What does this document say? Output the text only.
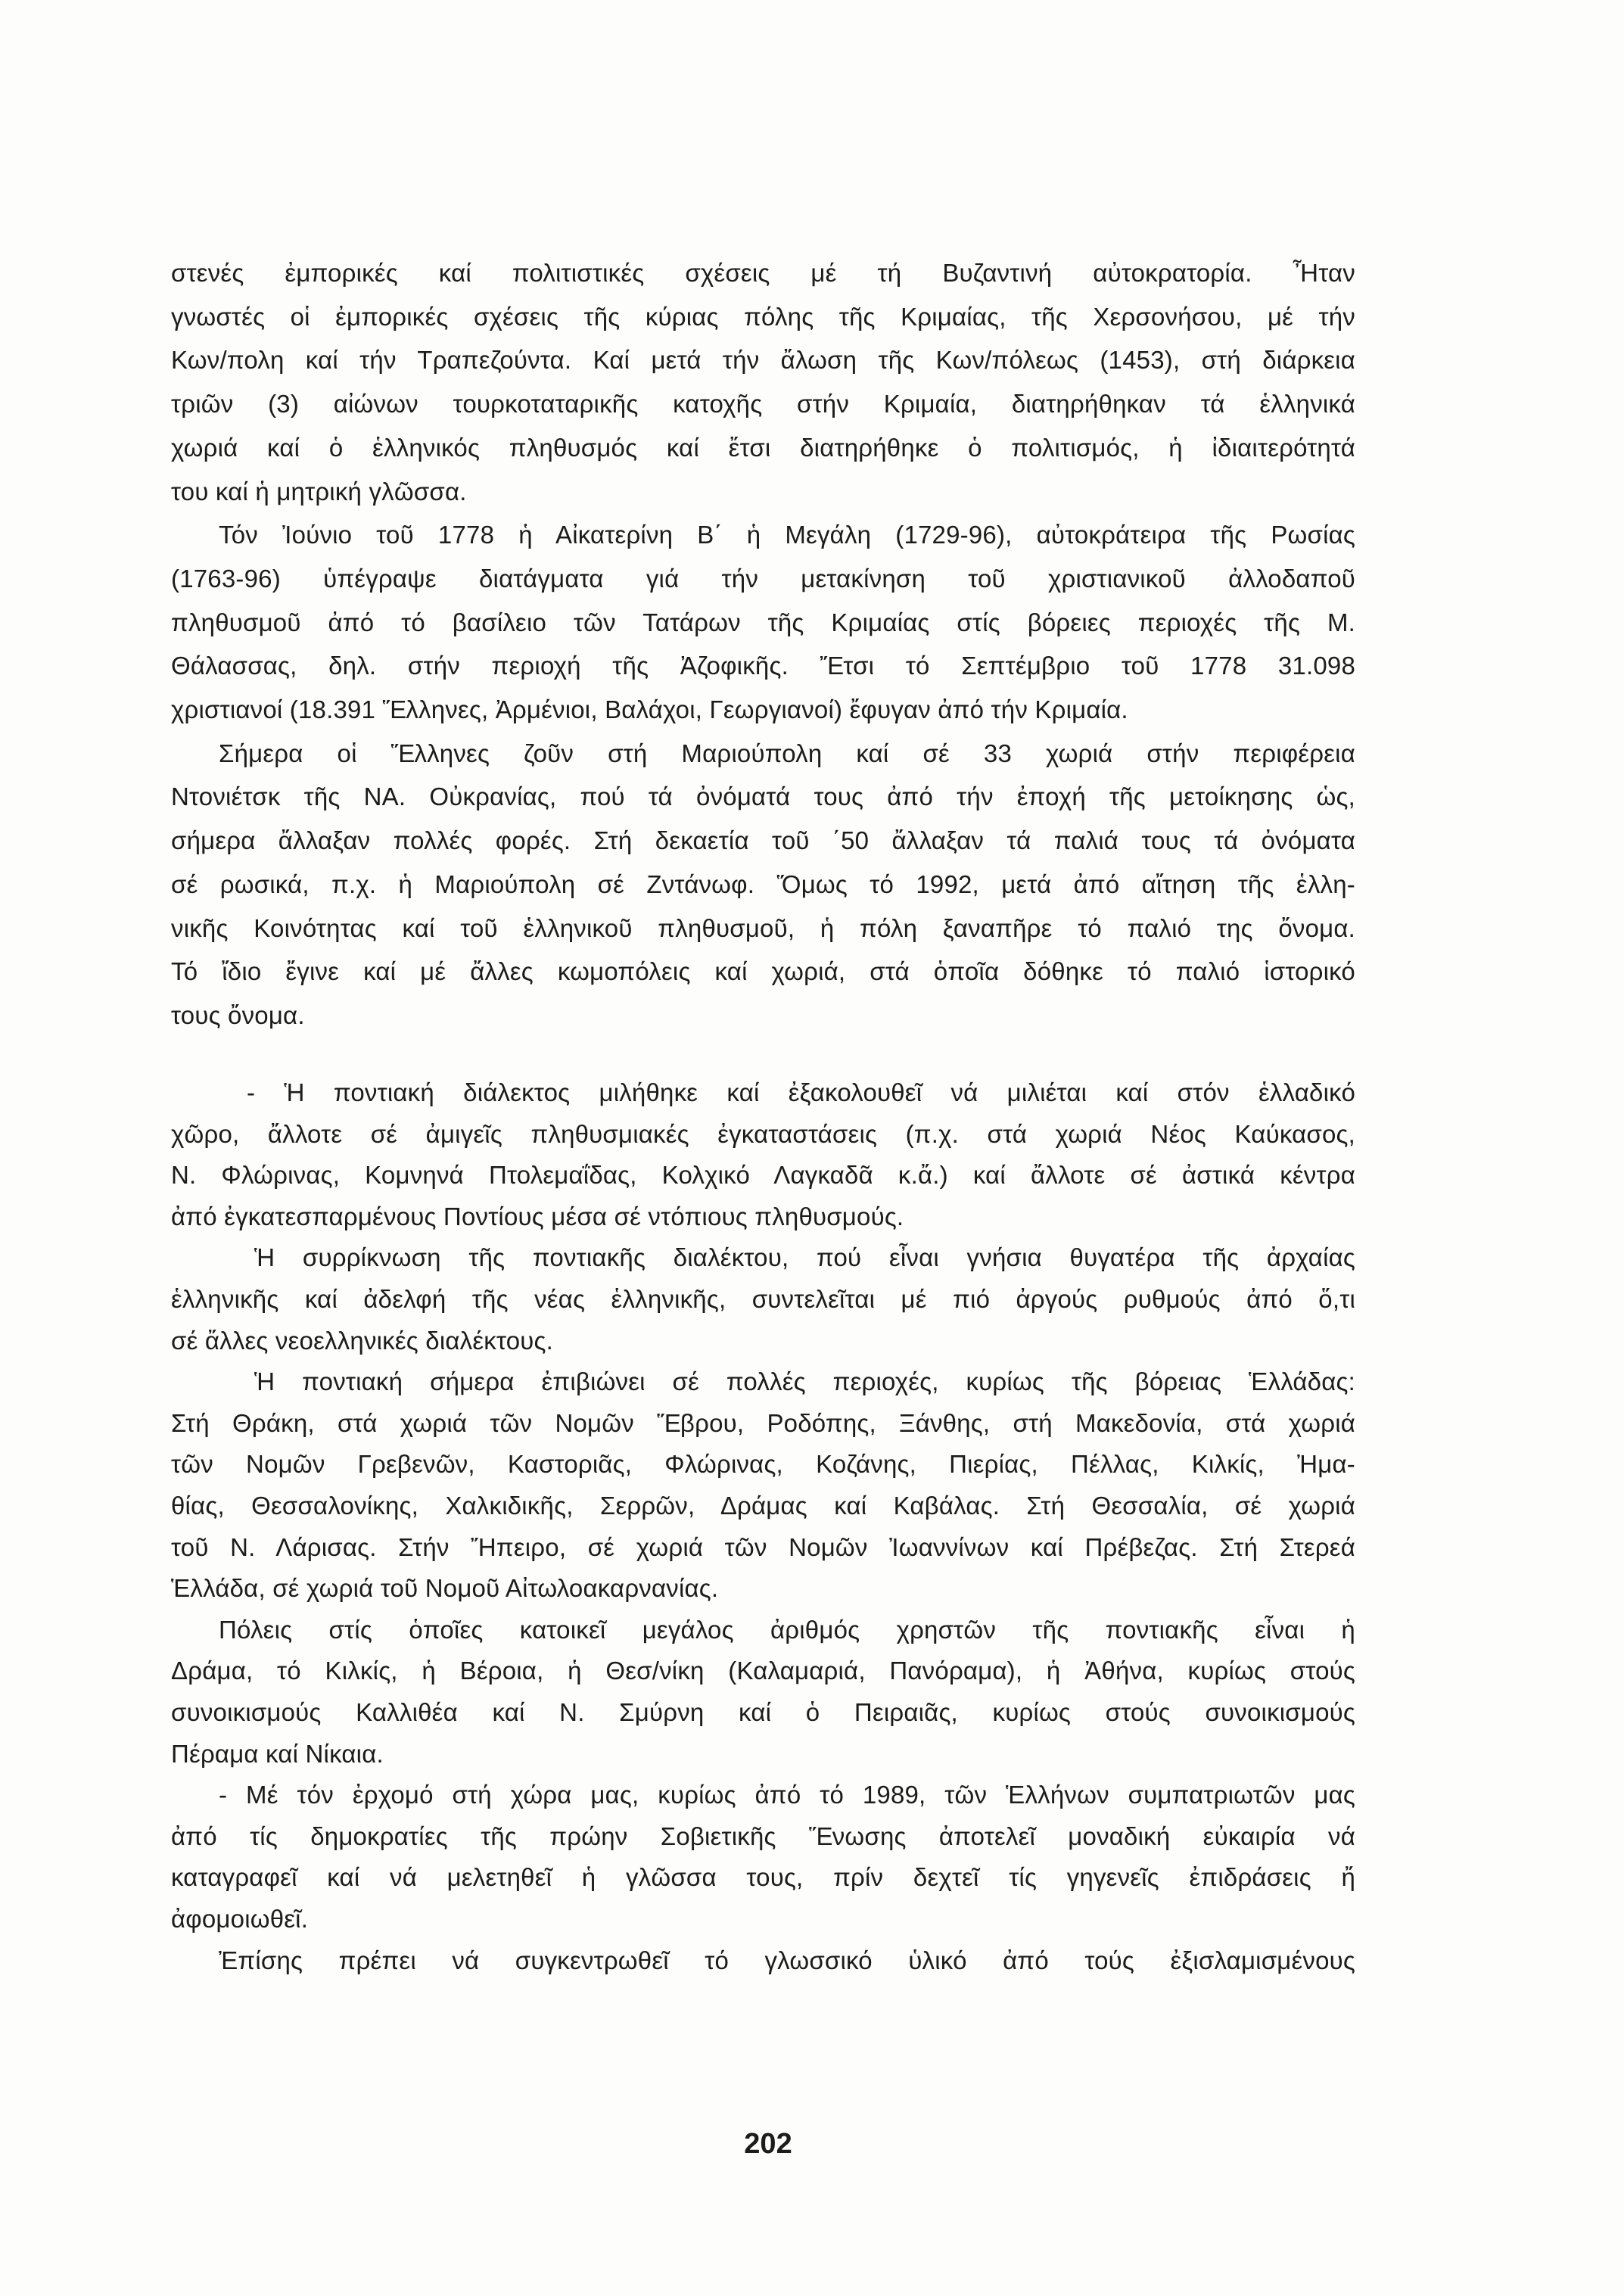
στενές ἐμπορικές καί πολιτιστικές σχέσεις μέ τή Βυζαντινή αὐτοκρατορία. Ἦταν
γνωστές οἱ ἐμπορικές σχέσεις τῆς κύριας πόλης τῆς Κριμαίας, τῆς Χερσονήσου, μέ τήν
Κων/πολη καί τήν Τραπεζούντα. Καί μετά τήν ἄλωση τῆς Κων/πόλεως (1453), στή διάρκεια
τριῶν (3) αἰώνων τουρκοταταρικῆς κατοχῆς στήν Κριμαία, διατηρήθηκαν τά ἑλληνικά
χωριά καί ὁ ἑλληνικός πληθυσμός καί ἔτσι διατηρήθηκε ὁ πολιτισμός, ἡ ἰδιαιτερότητά
του καί ἡ μητρική γλῶσσα.
Τόν Ἰούνιο τοῦ 1778 ἡ Αἰκατερίνη Β΄ ἡ Μεγάλη (1729-96), αὐτοκράτειρα τῆς Ρωσίας
(1763-96) ὑπέγραψε διατάγματα γιά τήν μετακίνηση τοῦ χριστιανικοῦ ἀλλοδαποῦ
πληθυσμοῦ ἀπό τό βασίλειο τῶν Τατάρων τῆς Κριμαίας στίς βόρειες περιοχές τῆς Μ.
Θάλασσας, δηλ. στήν περιοχή τῆς Ἀζοφικῆς. Ἔτσι τό Σεπτέμβριο τοῦ 1778 31.098
χριστιανοί (18.391 Ἕλληνες, Ἀρμένιοι, Βαλάχοι, Γεωργιανοί) ἔφυγαν ἀπό τήν Κριμαία.
Σήμερα οἱ Ἕλληνες ζοῦν στή Μαριούπολη καί σέ 33 χωριά στήν περιφέρεια
Ντονιέτσκ τῆς ΝΑ. Οὐκρανίας, πού τά ὀνόματά τους ἀπό τήν ἐποχή τῆς μετοίκησης ὡς,
σήμερα ἄλλαξαν πολλές φορές. Στή δεκαετία τοῦ ΄50 ἄλλαξαν τά παλιά τους τά ὀνόματα
σέ ρωσικά, π.χ. ἡ Μαριούπολη σέ Ζντάνωφ. Ὅμως τό 1992, μετά ἀπό αἴτηση τῆς ἑλλη-
νικῆς Κοινότητας καί τοῦ ἑλληνικοῦ πληθυσμοῦ, ἡ πόλη ξαναπῆρε τό παλιό της ὄνομα.
Τό ἴδιο ἔγινε καί μέ ἄλλες κωμοπόλεις καί χωριά, στά ὁποῖα δόθηκε τό παλιό ἱστορικό
τους ὄνομα.
- Ἡ ποντιακή διάλεκτος μιλήθηκε καί ἐξακολουθεῖ νά μιλιέται καί στόν ἑλλαδικό
χῶρο, ἄλλοτε σέ ἀμιγεῖς πληθυσμιακές ἐγκαταστάσεις (π.χ. στά χωριά Νέος Καύκασος,
Ν. Φλώρινας, Κομνηνά Πτολεμαΐδας, Κολχικό Λαγκαδᾶ κ.ἄ.) καί ἄλλοτε σέ ἀστικά κέντρα
ἀπό ἐγκατεσπαρμένους Ποντίους μέσα σέ ντόπιους πληθυσμούς.
Ἡ συρρίκνωση τῆς ποντιακῆς διαλέκτου, πού εἶναι γνήσια θυγατέρα τῆς ἀρχαίας
ἑλληνικῆς καί ἀδελφή τῆς νέας ἑλληνικῆς, συντελεῖται μέ πιό ἀργούς ρυθμούς ἀπό ὅ,τι
σέ ἄλλες νεοελληνικές διαλέκτους.
Ἡ ποντιακή σήμερα ἐπιβιώνει σέ πολλές περιοχές, κυρίως τῆς βόρειας Ἑλλάδας:
Στή Θράκη, στά χωριά τῶν Νομῶν Ἕβρου, Ροδόπης, Ξάνθης, στή Μακεδονία, στά χωριά
τῶν Νομῶν Γρεβενῶν, Καστοριᾶς, Φλώρινας, Κοζάνης, Πιερίας, Πέλλας, Κιλκίς, Ἠμα-
θίας, Θεσσαλονίκης, Χαλκιδικῆς, Σερρῶν, Δράμας καί Καβάλας. Στή Θεσσαλία, σέ χωριά
τοῦ Ν. Λάρισας. Στήν Ἤπειρο, σέ χωριά τῶν Νομῶν Ἰωαννίνων καί Πρέβεζας. Στή Στερεά
Ἑλλάδα, σέ χωριά τοῦ Νομοῦ Αἰτωλοακαρνανίας.
Πόλεις στίς ὁποῖες κατοικεῖ μεγάλος ἀριθμός χρηστῶν τῆς ποντιακῆς εἶναι ἡ
Δράμα, τό Κιλκίς, ἡ Βέροια, ἡ Θεσ/νίκη (Καλαμαριά, Πανόραμα), ἡ Ἀθήνα, κυρίως στούς
συνοικισμούς Καλλιθέα καί Ν. Σμύρνη καί ὁ Πειραιᾶς, κυρίως στούς συνοικισμούς
Πέραμα καί Νίκαια.
- Μέ τόν ἐρχομό στή χώρα μας, κυρίως ἀπό τό 1989, τῶν Ἑλλήνων συμπατριωτῶν μας
ἀπό τίς δημοκρατίες τῆς πρώην Σοβιετικῆς Ἕνωσης ἀποτελεῖ μοναδική εὐκαιρία νά
καταγραφεῖ καί νά μελετηθεῖ ἡ γλῶσσα τους, πρίν δεχτεῖ τίς γηγενεῖς ἐπιδράσεις ἤ
ἀφομοιωθεῖ.
Ἐπίσης πρέπει νά συγκεντρωθεῖ τό γλωσσικό ὑλικό ἀπό τούς ἐξισλαμισμένους
202
